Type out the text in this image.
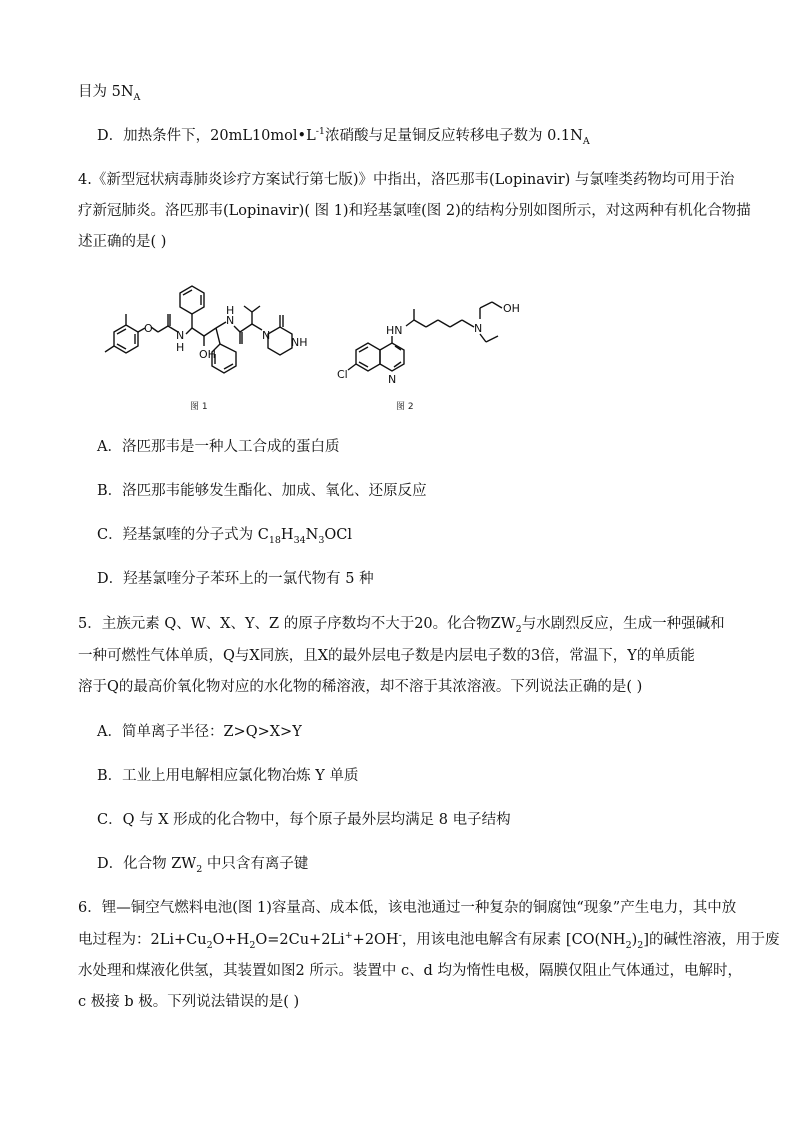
目为 $5N_A$
D．加热条件下，$20mL10mol•L^{-1}$浓硝酸与足量铜反应转移电子数为 $0.1N_A$
4.《新型冠状病毒肺炎诊疗方案试行第七版)》中指出，洛匹那韦(Lopinavir) 与氯喹类药物均可用于治
疗新冠肺炎。洛匹那韦(Lopinavir)( 图 1)和羟基氯喹(图 2)的结构分别如图所示，对这两种有机化合物描
述正确的是( )
O
N
H
OH
N
H
N
NH
图 1
HN	N
OH
Cl	N
图 2
A．洛匹那韦是一种人工合成的蛋白质
B．洛匹那韦能够发生酯化、加成、氧化、还原反应
C．羟基氯喹的分子式为 $C_{18}H_{34}N_3OCl$
D．羟基氯喹分子苯环上的一氯代物有 5 种
5．主族元素 Q、W、X、Y、Z 的原子序数均不大于20。化合物$ZW_2$与水剧烈反应，生成一种强碱和
一种可燃性气体单质，Q与X同族，且X的最外层电子数是内层电子数的3倍，常温下，Y的单质能
溶于Q的最高价氧化物对应的水化物的稀溶液，却不溶于其浓溶液。下列说法正确的是( )
A．简单离子半径：Z>Q>X>Y
B．工业上用电解相应氯化物冶炼 Y 单质
C．Q 与 X 形成的化合物中，每个原子最外层均满足 8 电子结构
D．化合物 $ZW_2$ 中只含有离子键
6．锂—铜空气燃料电池(图 1)容量高、成本低，该电池通过一种复杂的铜腐蚀“现象”产生电力，其中放
电过程为：$2Li+Cu_2O+H_2O=2Cu+2Li^++2OH^-$，用该电池电解含有尿素 $[CO(NH_2)_2]$的碱性溶液，用于废
水处理和煤液化供氢，其装置如图2 所示。装置中 c、d 均为惰性电极，隔膜仅阻止气体通过，电解时，
c 极接 b 极。下列说法错误的是( )
